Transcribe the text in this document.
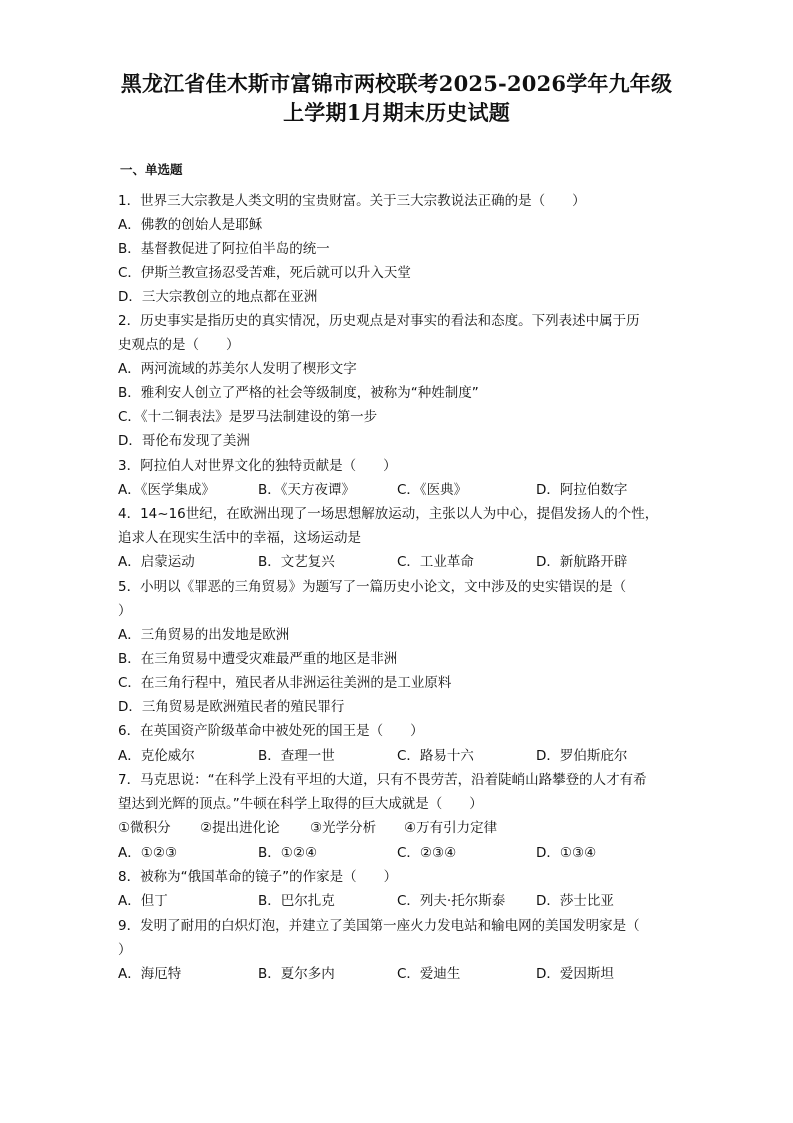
黑龙江省佳木斯市富锦市两校联考2025-2026学年九年级
上学期1月期末历史试题
一、单选题
1．世界三大宗教是人类文明的宝贵财富。关于三大宗教说法正确的是（　　）
A．佛教的创始人是耶稣
B．基督教促进了阿拉伯半岛的统一
C．伊斯兰教宣扬忍受苦难，死后就可以升入天堂
D．三大宗教创立的地点都在亚洲
2．历史事实是指历史的真实情况，历史观点是对事实的看法和态度。下列表述中属于历
史观点的是（　　）
A．两河流域的苏美尔人发明了楔形文字
B．雅利安人创立了严格的社会等级制度，被称为“种姓制度”
C．《十二铜表法》是罗马法制建设的第一步
D．哥伦布发现了美洲
3．阿拉伯人对世界文化的独特贡献是（　　）
A．《医学集成》	B．《天方夜谭》	C．《医典》	D．阿拉伯数字
4．14~16世纪，在欧洲出现了一场思想解放运动，主张以人为中心，提倡发扬人的个性，
追求人在现实生活中的幸福，这场运动是
A．启蒙运动	B．文艺复兴	C．工业革命	D．新航路开辟
5．小明以《罪恶的三角贸易》为题写了一篇历史小论文，文中涉及的史实错误的是（
）
A．三角贸易的出发地是欧洲
B．在三角贸易中遭受灾难最严重的地区是非洲
C．在三角行程中，殖民者从非洲运往美洲的是工业原料
D．三角贸易是欧洲殖民者的殖民罪行
6．在英国资产阶级革命中被处死的国王是（　　）
A．克伦威尔	B．查理一世	C．路易十六	D．罗伯斯庇尔
7．马克思说：“在科学上没有平坦的大道，只有不畏劳苦，沿着陡峭山路攀登的人才有希
望达到光辉的顶点。”牛顿在科学上取得的巨大成就是（　　）
①微积分 ②提出进化论 ③光学分析 ④万有引力定律
A．①②③	B．①②④	C．②③④	D．①③④
8．被称为“俄国革命的镜子”的作家是（　　）
A．但丁	B．巴尔扎克	C．列夫·托尔斯泰 D．莎士比亚
9．发明了耐用的白炽灯泡，并建立了美国第一座火力发电站和输电网的美国发明家是（
）
A．海厄特	B．夏尔多内	C．爱迪生	D．爱因斯坦
